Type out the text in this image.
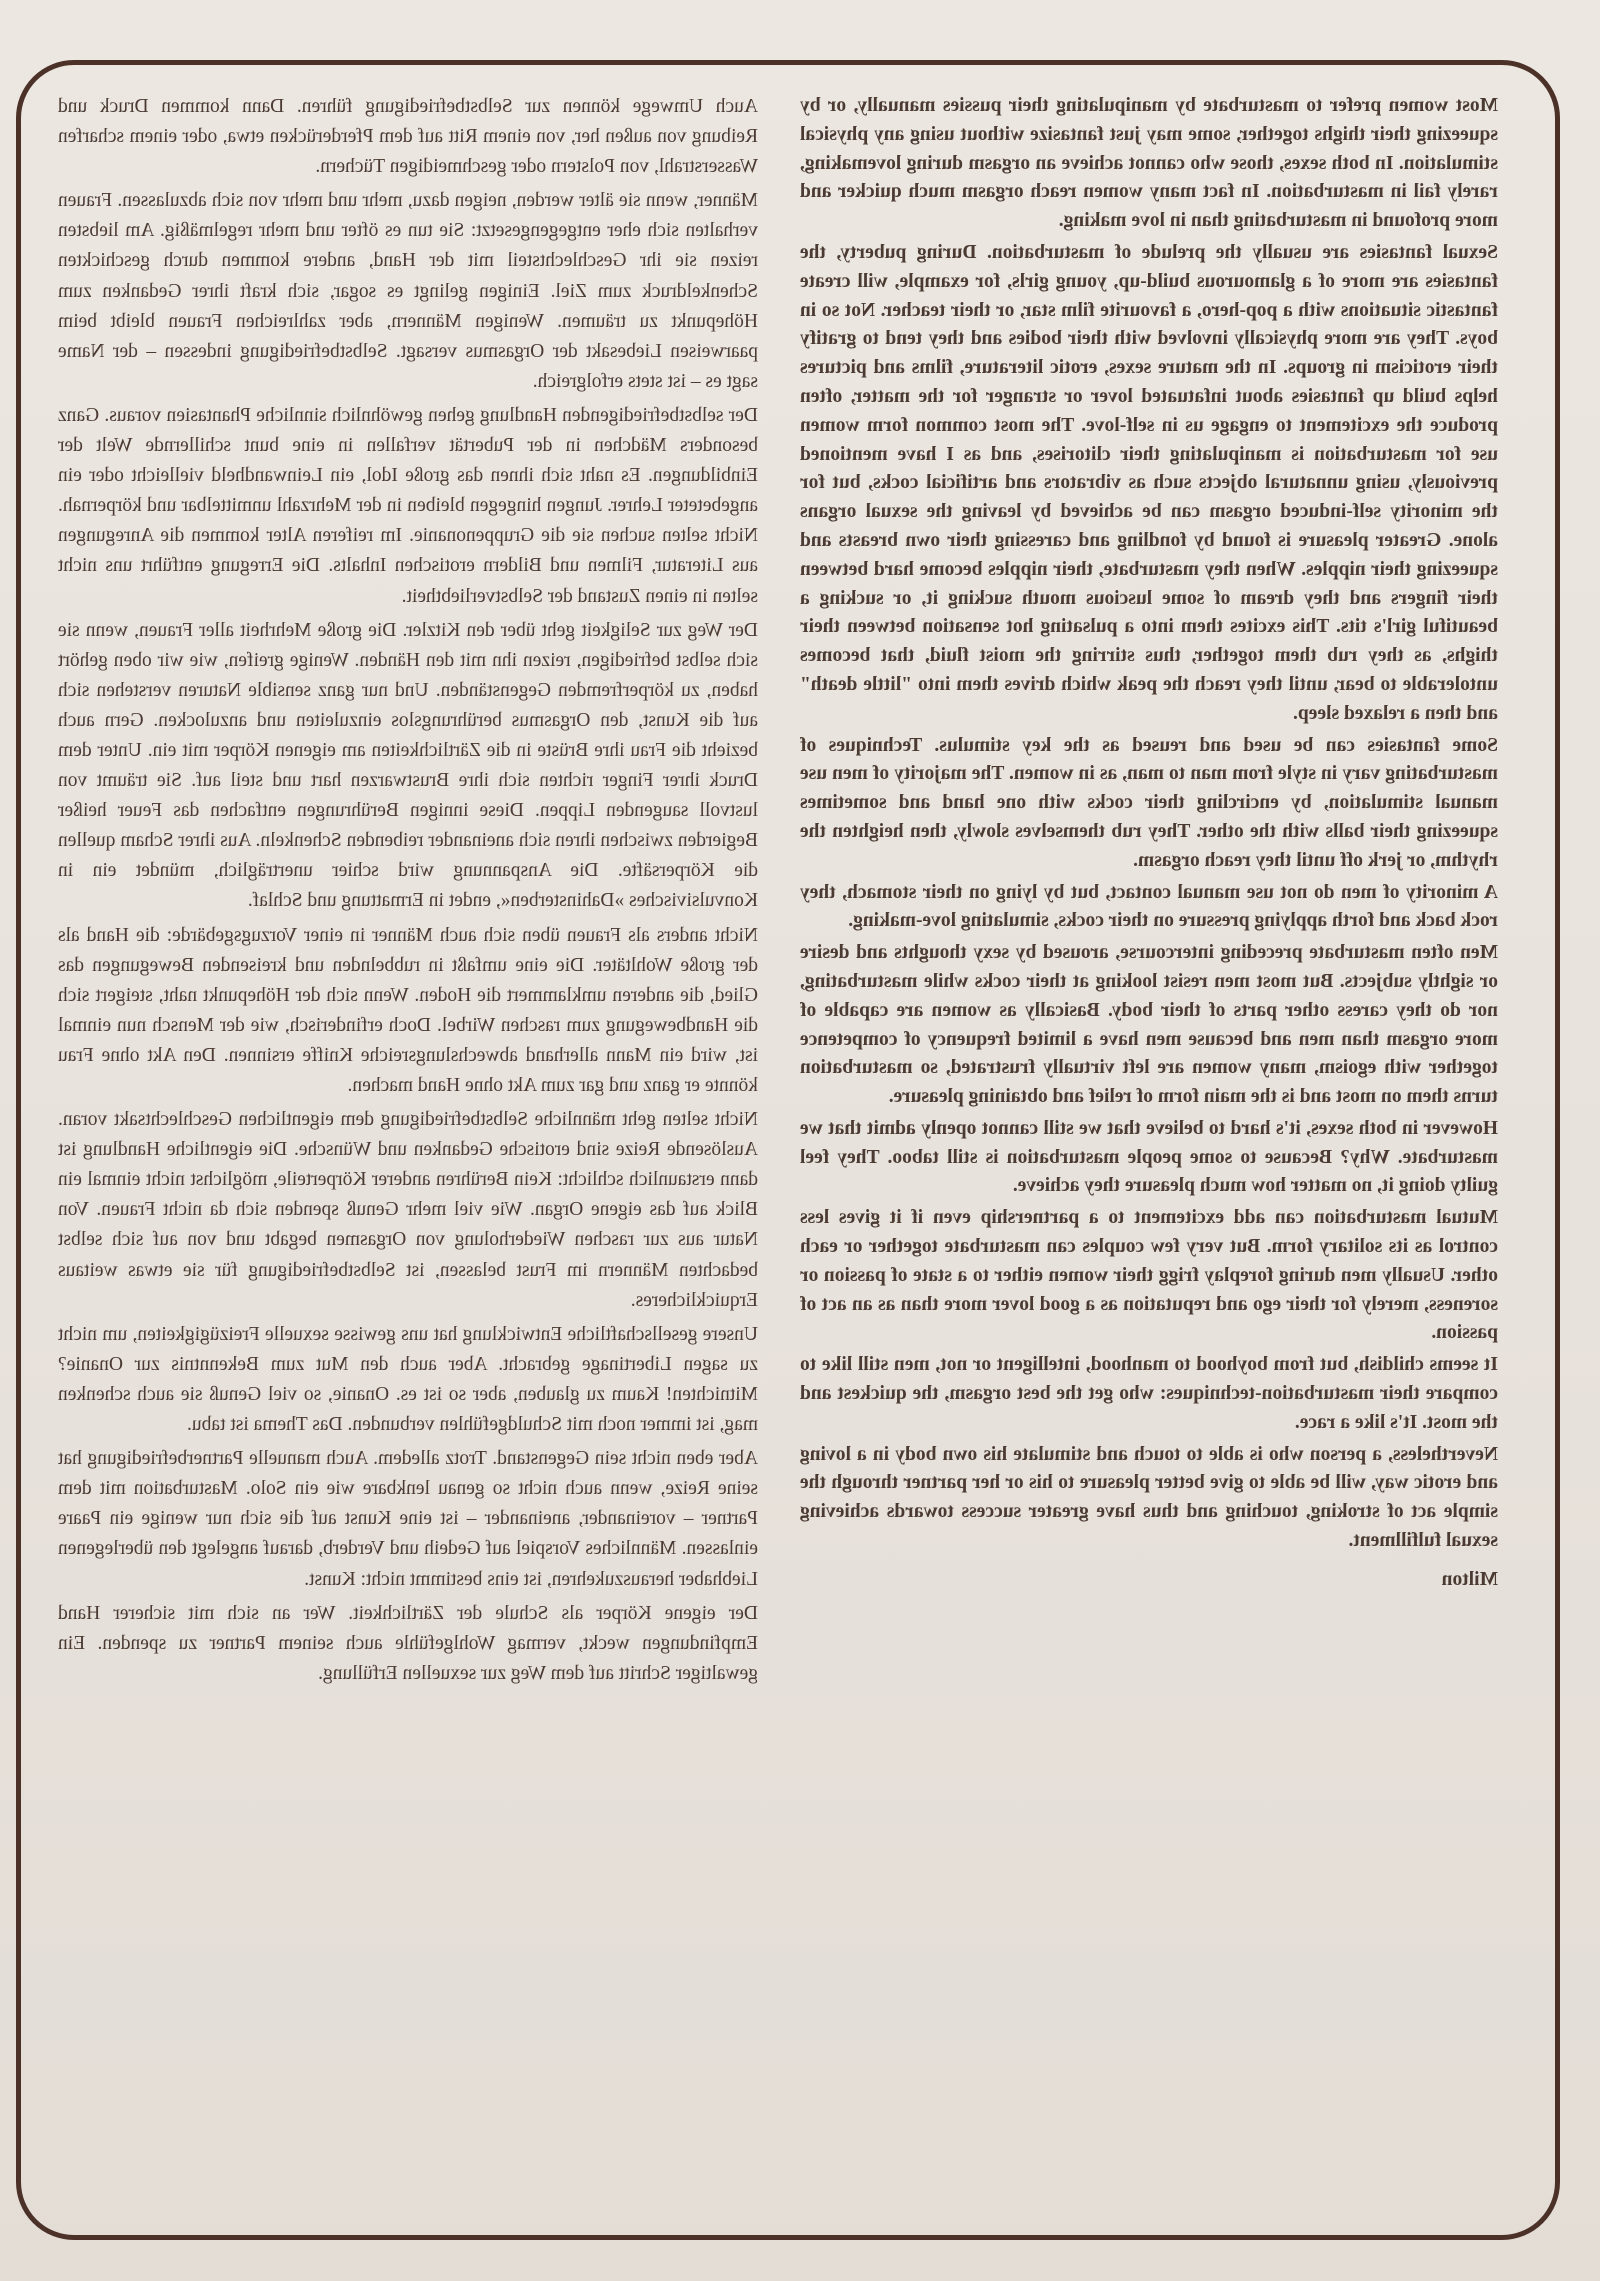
Auch Umwege können zur Selbstbefriedigung führen. Dann kommen Druck und Reibung von außen her, von einem Ritt auf dem Pferderücken etwa, oder einem scharfen Wasserstrahl, von Polstern oder geschmeidigen Tüchern.

Männer, wenn sie älter werden, neigen dazu, mehr und mehr von sich abzulassen. Frauen verhalten sich eher entgegengesetzt: Sie tun es öfter und mehr regelmäßig. Am liebsten reizen sie ihr Geschlechtsteil mit der Hand, andere kommen durch geschickten Schenkeldruck zum Ziel. Einigen gelingt es sogar, sich kraft ihrer Gedanken zum Höhepunkt zu träumen. Wenigen Männern, aber zahlreichen Frauen bleibt beim paarweisen Liebesakt der Orgasmus versagt. Selbstbefriedigung indessen – der Name sagt es – ist stets erfolgreich.

Der selbstbefriedigenden Handlung gehen gewöhnlich sinnliche Phantasien voraus. Ganz besonders Mädchen in der Pubertät verfallen in eine bunt schillernde Welt der Einbildungen. Es naht sich ihnen das große Idol, ein Leinwandheld vielleicht oder ein angebeteter Lehrer. Jungen hingegen bleiben in der Mehrzahl unmittelbar und körpernah. Nicht selten suchen sie die Gruppenonanie. Im reiferen Alter kommen die Anregungen aus Literatur, Filmen und Bildern erotischen Inhalts. Die Erregung entführt uns nicht selten in einen Zustand der Selbstverliebtheit.

Der Weg zur Seligkeit geht über den Kitzler. Die große Mehrheit aller Frauen, wenn sie sich selbst befriedigen, reizen ihn mit den Händen. Wenige greifen, wie wir oben gehört haben, zu körperfremden Gegenständen. Und nur ganz sensible Naturen verstehen sich auf die Kunst, den Orgasmus berührungslos einzuleiten und anzulocken. Gern auch bezieht die Frau ihre Brüste in die Zärtlichkeiten am eigenen Körper mit ein. Unter dem Druck ihrer Finger richten sich ihre Brustwarzen hart und steil auf. Sie träumt von lustvoll saugenden Lippen. Diese innigen Berührungen entfachen das Feuer heißer Begierden zwischen ihren sich aneinander reibenden Schenkeln. Aus ihrer Scham quellen die Körpersäfte. Die Anspannung wird schier unerträglich, mündet ein in Konvulsivisches »Dahinsterben«, endet in Ermattung und Schlaf.

Nicht anders als Frauen üben sich auch Männer in einer Vorzugsgebärde: die Hand als der große Wohltäter. Die eine umfaßt in rubbelnden und kreisenden Bewegungen das Glied, die anderen umklammert die Hoden. Wenn sich der Höhepunkt naht, steigert sich die Handbewegung zum raschen Wirbel. Doch erfinderisch, wie der Mensch nun einmal ist, wird ein Mann allerhand abwechslungsreiche Kniffe ersinnen. Den Akt ohne Frau könnte er ganz und gar zum Akt ohne Hand machen.

Nicht selten geht männliche Selbstbefriedigung dem eigentlichen Geschlechtsakt voran. Auslösende Reize sind erotische Gedanken und Wünsche. Die eigentliche Handlung ist dann erstaunlich schlicht: Kein Berühren anderer Körperteile, möglichst nicht einmal ein Blick auf das eigene Organ. Wie viel mehr Genuß spenden sich da nicht Frauen. Von Natur aus zur raschen Wiederholung von Orgasmen begabt und von auf sich selbst bedachten Männern im Frust belassen, ist Selbstbefriedigung für sie etwas weitaus Erquicklicheres.

Unsere gesellschaftliche Entwicklung hat uns gewisse sexuelle Freizügigkeiten, um nicht zu sagen Libertinage gebracht. Aber auch den Mut zum Bekenntnis zur Onanie? Mitnichten! Kaum zu glauben, aber so ist es. Onanie, so viel Genuß sie auch schenken mag, ist immer noch mit Schuldgefühlen verbunden. Das Thema ist tabu.

Aber eben nicht sein Gegenstand. Trotz alledem. Auch manuelle Partnerbefriedigung hat seine Reize, wenn auch nicht so genau lenkbare wie ein Solo. Masturbation mit dem Partner – voreinander, aneinander – ist eine Kunst auf die sich nur wenige ein Paare einlassen. Männliches Vorspiel auf Gedeih und Verderb, darauf angelegt den überlegenen Liebhaber herauszukehren, ist eins bestimmt nicht: Kunst.

Der eigene Körper als Schule der Zärtlichkeit. Wer an sich mit sicherer Hand Empfindungen weckt, vermag Wohlgefühle auch seinem Partner zu spenden. Ein gewaltiger Schritt auf dem Weg zur sexuellen Erfüllung.

Most women prefer to masturbate by manipulating their pussies manually, or by squeezing their thighs together, some may just fantasize without using any physical stimulation. In both sexes, those who cannot achieve an orgasm during lovemaking, rarely fail in masturbation. In fact many women reach orgasm much quicker and more profound in masturbating than in love making.

Sexual fantasies are usually the prelude of masturbation. During puberty, the fantasies are more of a glamourous build-up, young girls, for example, will create fantastic situations with a pop-hero, a favourite film star, or their teacher. Not so in boys. They are more physically involved with their bodies and they tend to gratify their eroticism in groups. In the mature sexes, erotic literature, films and pictures helps build up fantasies about infatuated lover or stranger for the matter, often produce the excitement to engage us in self-love. The most common form women use for masturbation is manipulating their clitorises, and as I have mentioned previously, using unnatural objects such as vibrators and artificial cocks, but for the minority self-induced orgasm can be achieved by leaving the sexual organs alone. Greater pleasure is found by fondling and caressing their own breasts and squeezing their nipples. When they masturbate, their nipples become hard between their fingers and they dream of some luscious mouth sucking it, or sucking a beautiful girl's tits. This excites them into a pulsating hot sensation between their thighs, as they rub them together, thus stirring the moist fluid, that becomes untolerable to bear, until they reach the peak which drives them into "little death" and then a relaxed sleep.

Some fantasies can be used and reused as the key stimulus. Techniques of masturbating vary in style from man to man, as in women. The majority of men use manual stimulation, by encircling their cocks with one hand and sometimes squeezing their balls with the other. They rub themselves slowly, then heighten the rhythm, or jerk off until they reach orgasm.

A minority of men do not use manual contact, but by lying on their stomach, they rock back and forth applying pressure on their cocks, simulating love-making.

Men often masturbate preceding intercourse, aroused by sexy thoughts and desire or sightly subjects. But most men resist looking at their cocks while masturbating, nor do they caress other parts of their body. Basically as women are capable of more orgasm than men and because men have a limited frequency of competence together with egoism, many women are left virtually frustrated, so masturbation turns them on most and is the main form of relief and obtaining pleasure.

However in both sexes, it's hard to believe that we still cannot openly admit that we masturbate. Why? Because to some people masturbation is still taboo. They feel guilty doing it, no matter how much pleasure they achieve.

Mutual masturbation can add excitement to a partnership even if it gives less control as its solitary form. But very few couples can masturbate together or each other. Usually men during foreplay frigg their women either to a state of passion or soreness, merely for their ego and reputation as a good lover more than as an act of passion.

It seems childish, but from boyhood to manhood, intelligent or not, men still like to compare their masturbation-techniques: who get the best orgasm, the quickest and the most. It's like a race.

Nevertheless, a person who is able to touch and stimulate his own body in a loving and erotic way, will be able to give better pleasure to his or her partner through the simple act of stroking, touching and thus have greater success towards achieving sexual fulfillment.

Milton
